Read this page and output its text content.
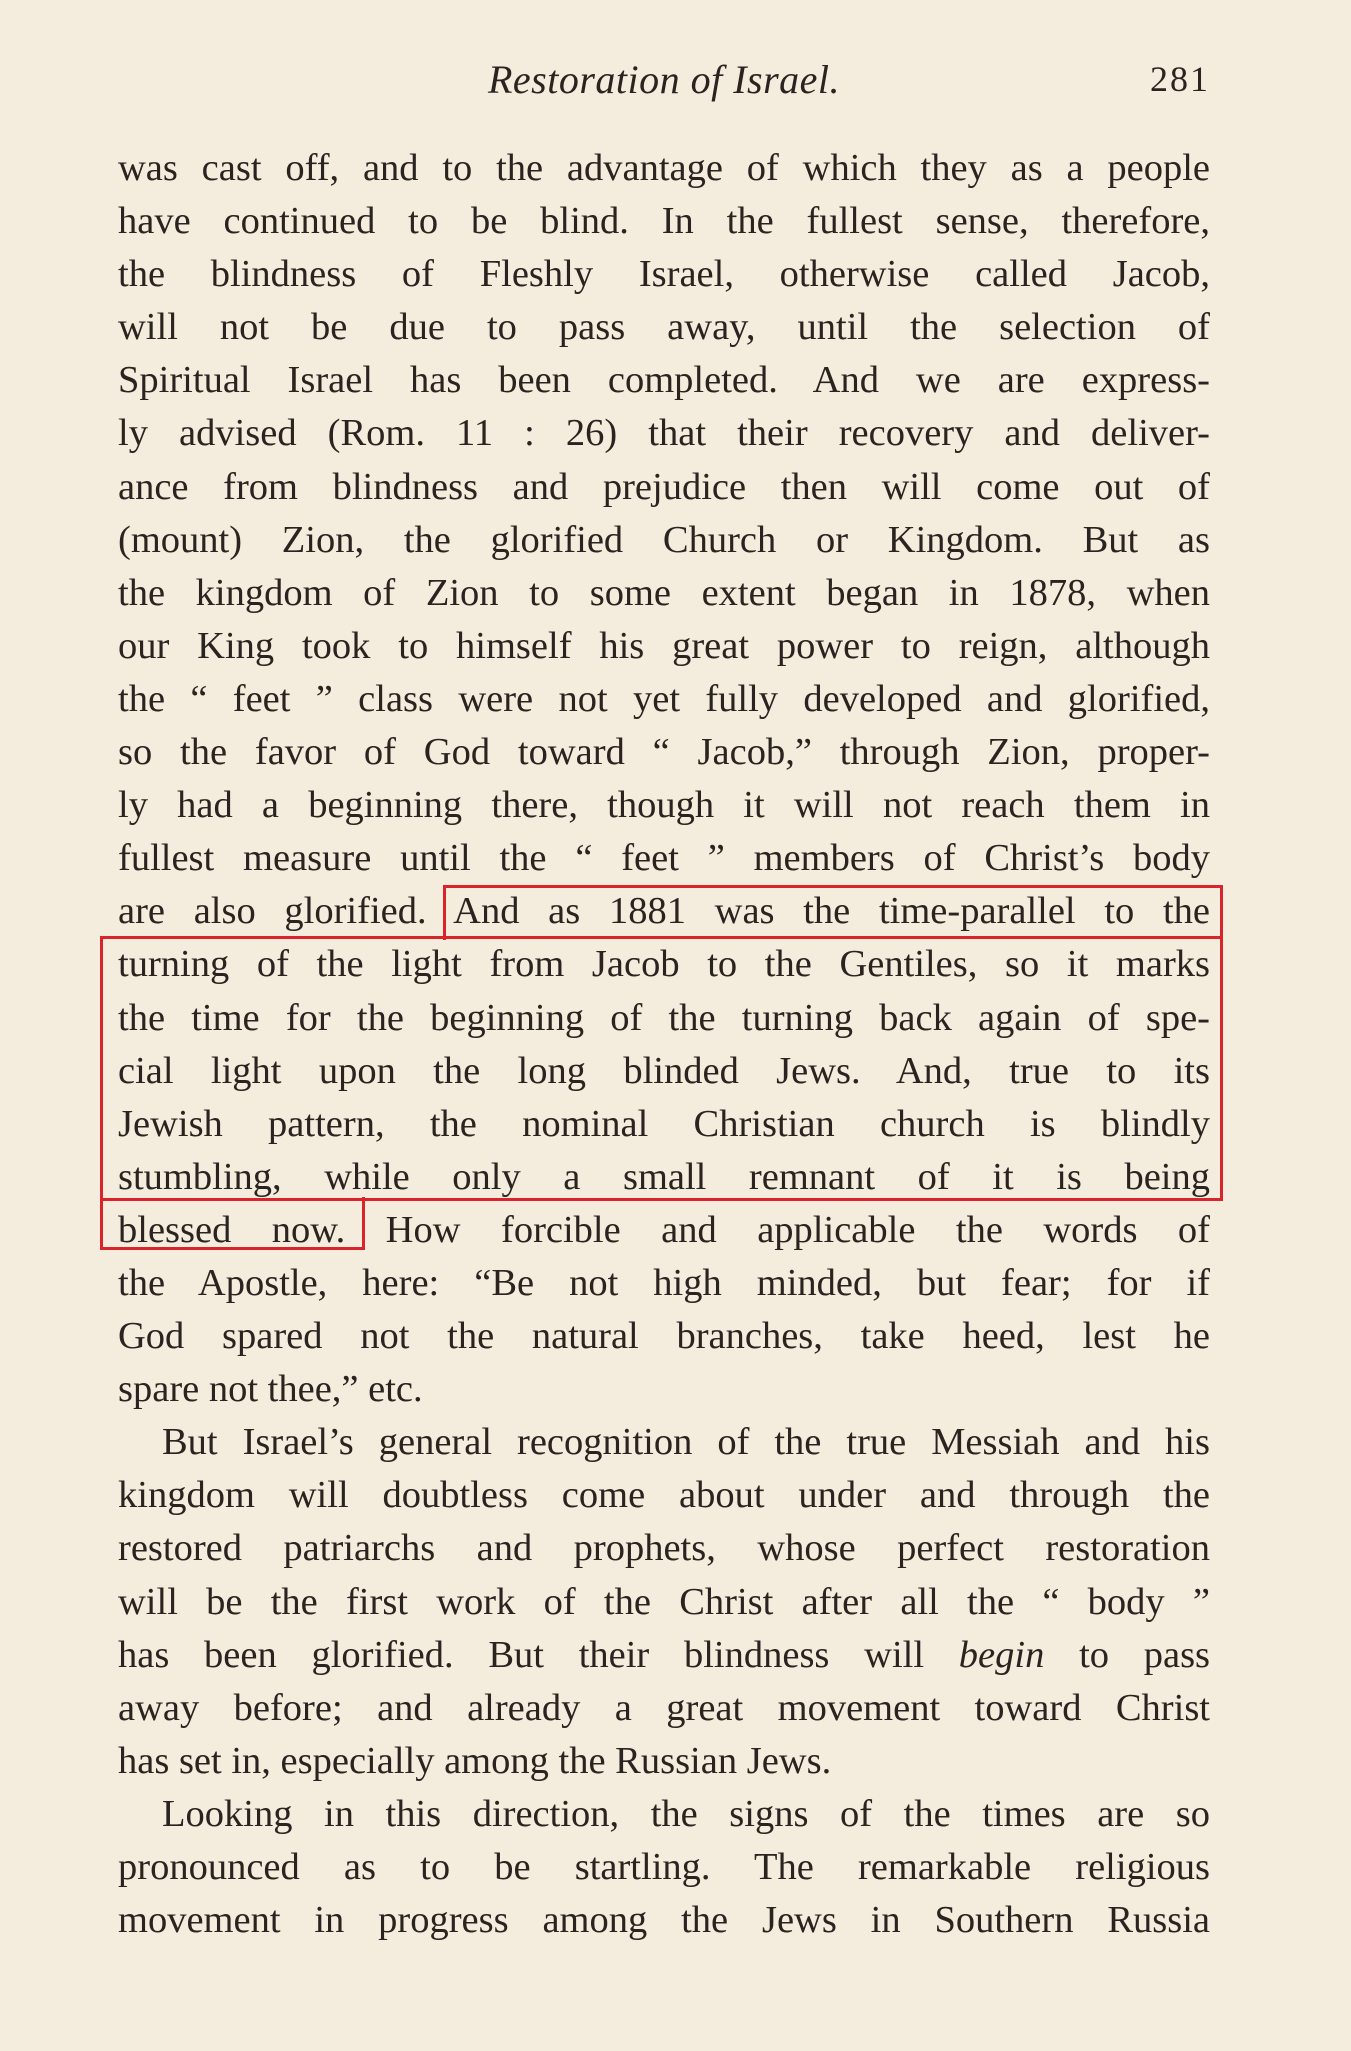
Restoration of Israel.	281
was cast off, and to the advantage of which they as a people
have continued to be blind. In the fullest sense, therefore,
the blindness of Fleshly Israel, otherwise called Jacob,
will not be due to pass away, until the selection of
Spiritual Israel has been completed. And we are express-
ly advised (Rom. 11 : 26) that their recovery and deliver-
ance from blindness and prejudice then will come out of
(mount) Zion, the glorified Church or Kingdom. But as
the kingdom of Zion to some extent began in 1878, when
our King took to himself his great power to reign, although
the “ feet ” class were not yet fully developed and glorified,
so the favor of God toward “ Jacob,” through Zion, proper-
ly had a beginning there, though it will not reach them in
fullest measure until the “ feet ” members of Christ’s body
are also glorified. And as 1881 was the time-parallel to the
turning of the light from Jacob to the Gentiles, so it marks
the time for the beginning of the turning back again of spe-
cial light upon the long blinded Jews. And, true to its
Jewish pattern, the nominal Christian church is blindly
stumbling, while only a small remnant of it is being
blessed now. How forcible and applicable the words of
the Apostle, here: “Be not high minded, but fear; for if
God spared not the natural branches, take heed, lest he
spare not thee,” etc.
But Israel’s general recognition of the true Messiah and his
kingdom will doubtless come about under and through the
restored patriarchs and prophets, whose perfect restoration
will be the first work of the Christ after all the “ body ”
has been glorified. But their blindness will begin to pass
away before; and already a great movement toward Christ
has set in, especially among the Russian Jews.
Looking in this direction, the signs of the times are so
pronounced as to be startling. The remarkable religious
movement in progress among the Jews in Southern Russia
